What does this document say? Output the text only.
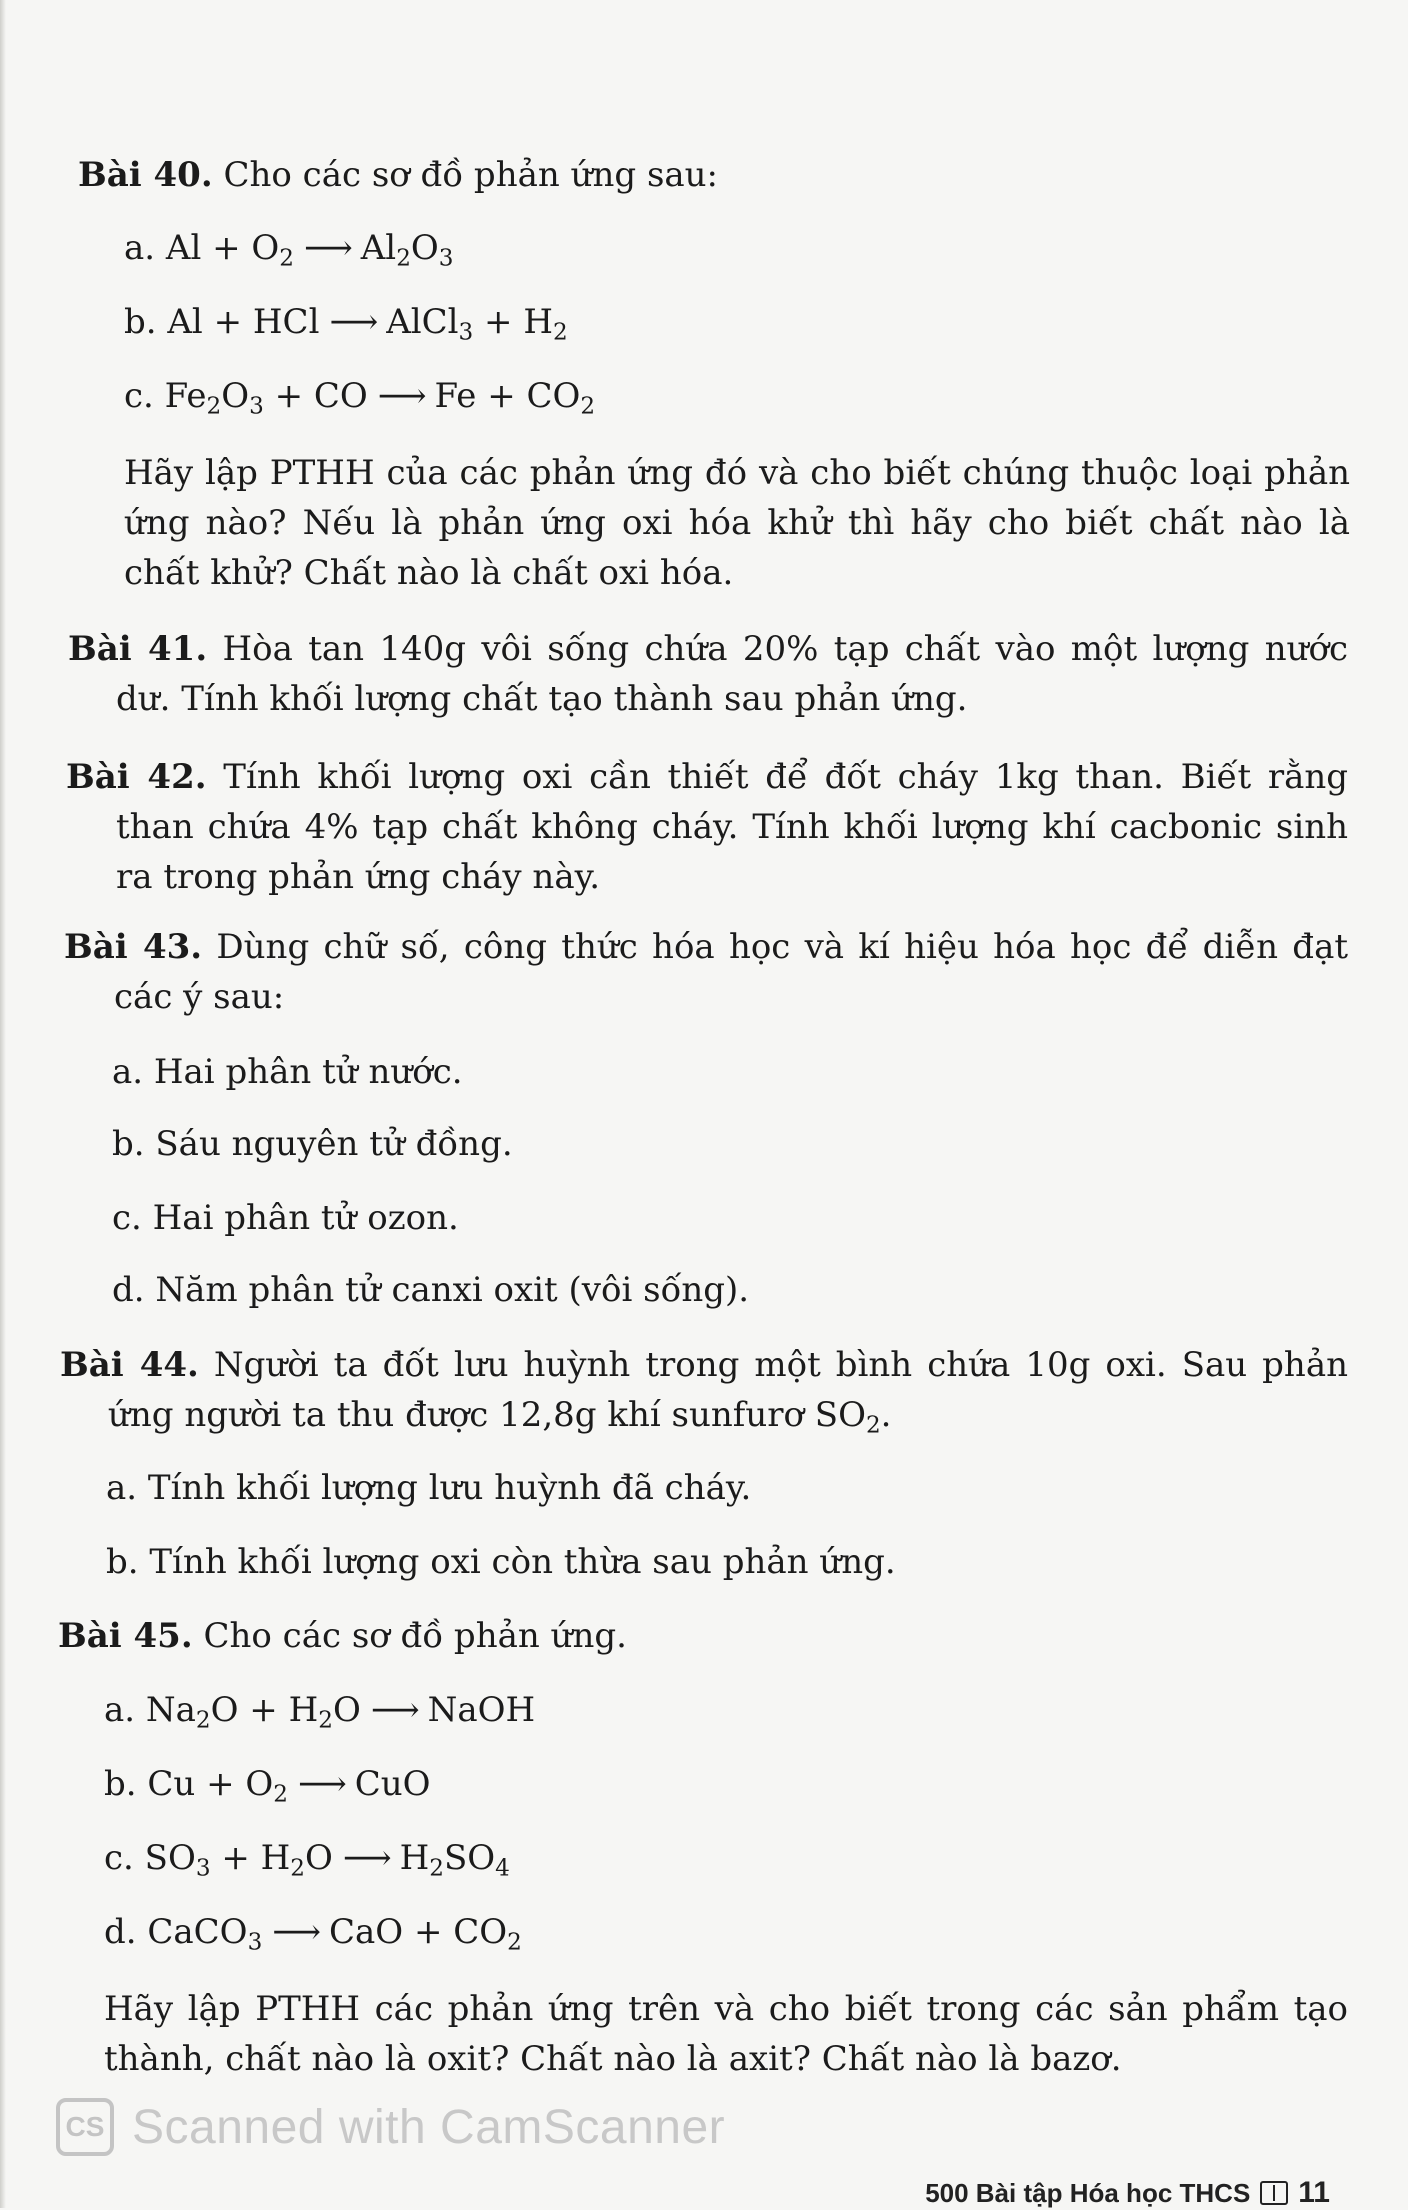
Bài 40. Cho các sơ đồ phản ứng sau:
a. $Al + O_2$ ⟶ $Al_2O_3$
b. Al + HCl ⟶ AlCl$_3$ + $H_2$
c. $Fe_2O_3$ + CO ⟶ $Fe + CO_2$
Hãy lập PTHH của các phản ứng đó và cho biết chúng thuộc loại phản ứng nào? Nếu là phản ứng oxi hóa khử thì hãy cho biết chất nào là chất khử? Chất nào là chất oxi hóa.
Bài 41. Hòa tan 140g vôi sống chứa 20% tạp chất vào một lượng nước dư. Tính khối lượng chất tạo thành sau phản ứng.
Bài 42. Tính khối lượng oxi cần thiết để đốt cháy 1kg than. Biết rằng than chứa 4% tạp chất không cháy. Tính khối lượng khí cacbonic sinh ra trong phản ứng cháy này.
Bài 43. Dùng chữ số, công thức hóa học và kí hiệu hóa học để diễn đạt các ý sau:
a. Hai phân tử nước.
b. Sáu nguyên tử đồng.
c. Hai phân tử ozon.
d. Năm phân tử canxi oxit (vôi sống).
Bài 44. Người ta đốt lưu huỳnh trong một bình chứa 10g oxi. Sau phản ứng người ta thu được 12,8g khí sunfurơ $SO_2$.
a. Tính khối lượng lưu huỳnh đã cháy.
b. Tính khối lượng oxi còn thừa sau phản ứng.
Bài 45. Cho các sơ đồ phản ứng.
a. $Na_2O + H_2O$ ⟶ NaOH
b. $Cu + O_2$ ⟶ CuO
c. $SO_3 + H_2O$ ⟶ $H_2SO_4$
d. CaCO$_3$ ⟶ CaO + $CO_2$
Hãy lập PTHH các phản ứng trên và cho biết trong các sản phẩm tạo thành, chất nào là oxit? Chất nào là axit? Chất nào là bazơ.
CS Scanned with CamScanner
500 Bài tập Hóa học THCS 11
